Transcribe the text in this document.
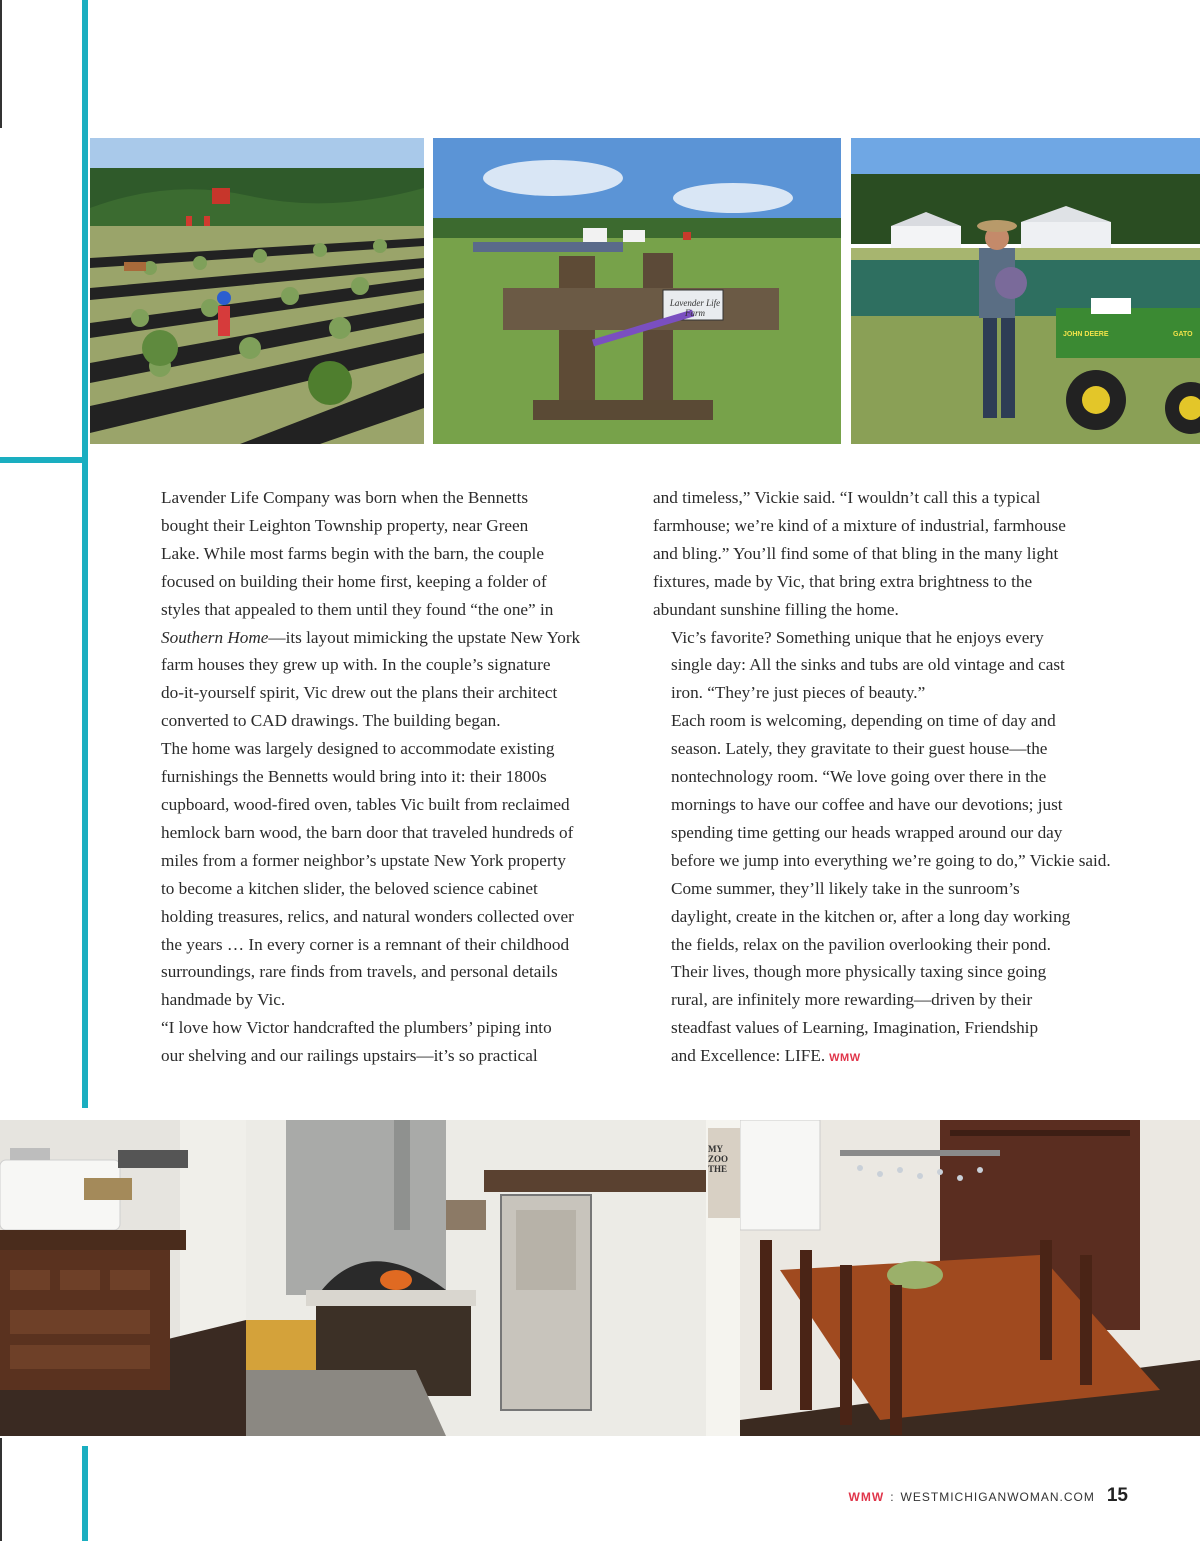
Lavender Life Farm
JOHN DEERE	GATO

Lavender Life Company was born when the Bennetts
bought their Leighton Township property, near Green
Lake. While most farms begin with the barn, the couple
focused on building their home first, keeping a folder of
styles that appealed to them until they found “the one” in
Southern Home—its layout mimicking the upstate New York
farm houses they grew up with. In the couple’s signature
do-it-yourself spirit, Vic drew out the plans their architect
converted to CAD drawings. The building began.

The home was largely designed to accommodate existing
furnishings the Bennetts would bring into it: their 1800s
cupboard, wood-fired oven, tables Vic built from reclaimed
hemlock barn wood, the barn door that traveled hundreds of
miles from a former neighbor’s upstate New York property
to become a kitchen slider, the beloved science cabinet
holding treasures, relics, and natural wonders collected over
the years … In every corner is a remnant of their childhood
surroundings, rare finds from travels, and personal details
handmade by Vic.

“I love how Victor handcrafted the plumbers’ piping into
our shelving and our railings upstairs—it’s so practical

and timeless,” Vickie said. “I wouldn’t call this a typical
farmhouse; we’re kind of a mixture of industrial, farmhouse
and bling.” You’ll find some of that bling in the many light
fixtures, made by Vic, that bring extra brightness to the
abundant sunshine filling the home.

Vic’s favorite? Something unique that he enjoys every
single day: All the sinks and tubs are old vintage and cast
iron. “They’re just pieces of beauty.”

Each room is welcoming, depending on time of day and
season. Lately, they gravitate to their guest house—the
nontechnology room. “We love going over there in the
mornings to have our coffee and have our devotions; just
spending time getting our heads wrapped around our day
before we jump into everything we’re going to do,” Vickie said.

Come summer, they’ll likely take in the sunroom’s
daylight, create in the kitchen or, after a long day working
the fields, relax on the pavilion overlooking their pond.
Their lives, though more physically taxing since going
rural, are infinitely more rewarding—driven by their
steadfast values of Learning, Imagination, Friendship
and Excellence: LIFE. WMW

MY ZOO THE
WMW : WESTMICHIGANWOMAN.COM 15
